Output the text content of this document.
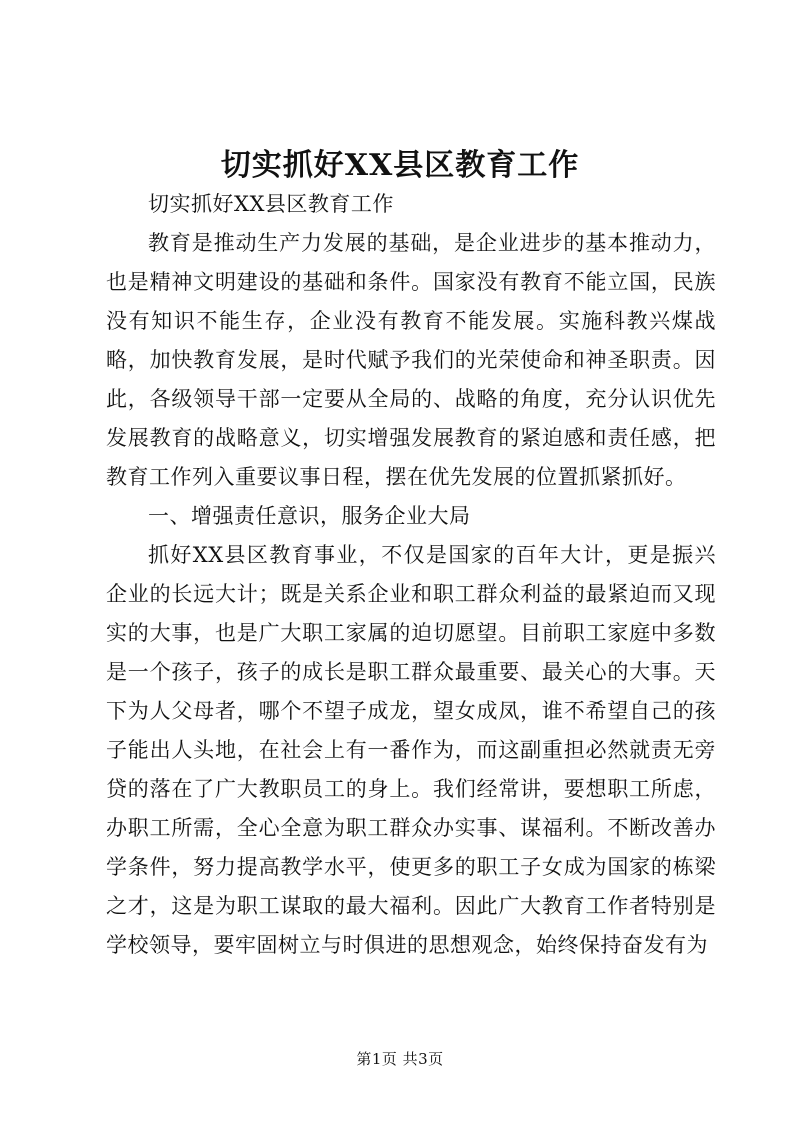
切实抓好XX县区教育工作

切实抓好XX县区教育工作

教育是推动生产力发展的基础，是企业进步的基本推动力，也是精神文明建设的基础和条件。国家没有教育不能立国，民族没有知识不能生存，企业没有教育不能发展。实施科教兴煤战略，加快教育发展，是时代赋予我们的光荣使命和神圣职责。因此，各级领导干部一定要从全局的、战略的角度，充分认识优先发展教育的战略意义，切实增强发展教育的紧迫感和责任感，把教育工作列入重要议事日程，摆在优先发展的位置抓紧抓好。

一、增强责任意识，服务企业大局

抓好XX县区教育事业，不仅是国家的百年大计，更是振兴企业的长远大计；既是关系企业和职工群众利益的最紧迫而又现实的大事，也是广大职工家属的迫切愿望。目前职工家庭中多数是一个孩子，孩子的成长是职工群众最重要、最关心的大事。天下为人父母者，哪个不望子成龙，望女成凤，谁不希望自己的孩子能出人头地，在社会上有一番作为，而这副重担必然就责无旁贷的落在了广大教职员工的身上。我们经常讲，要想职工所虑，办职工所需，全心全意为职工群众办实事、谋福利。不断改善办学条件，努力提高教学水平，使更多的职工子女成为国家的栋梁之才，这是为职工谋取的最大福利。因此广大教育工作者特别是学校领导，要牢固树立与时俱进的思想观念，始终保持奋发有为

第1页 共3页
